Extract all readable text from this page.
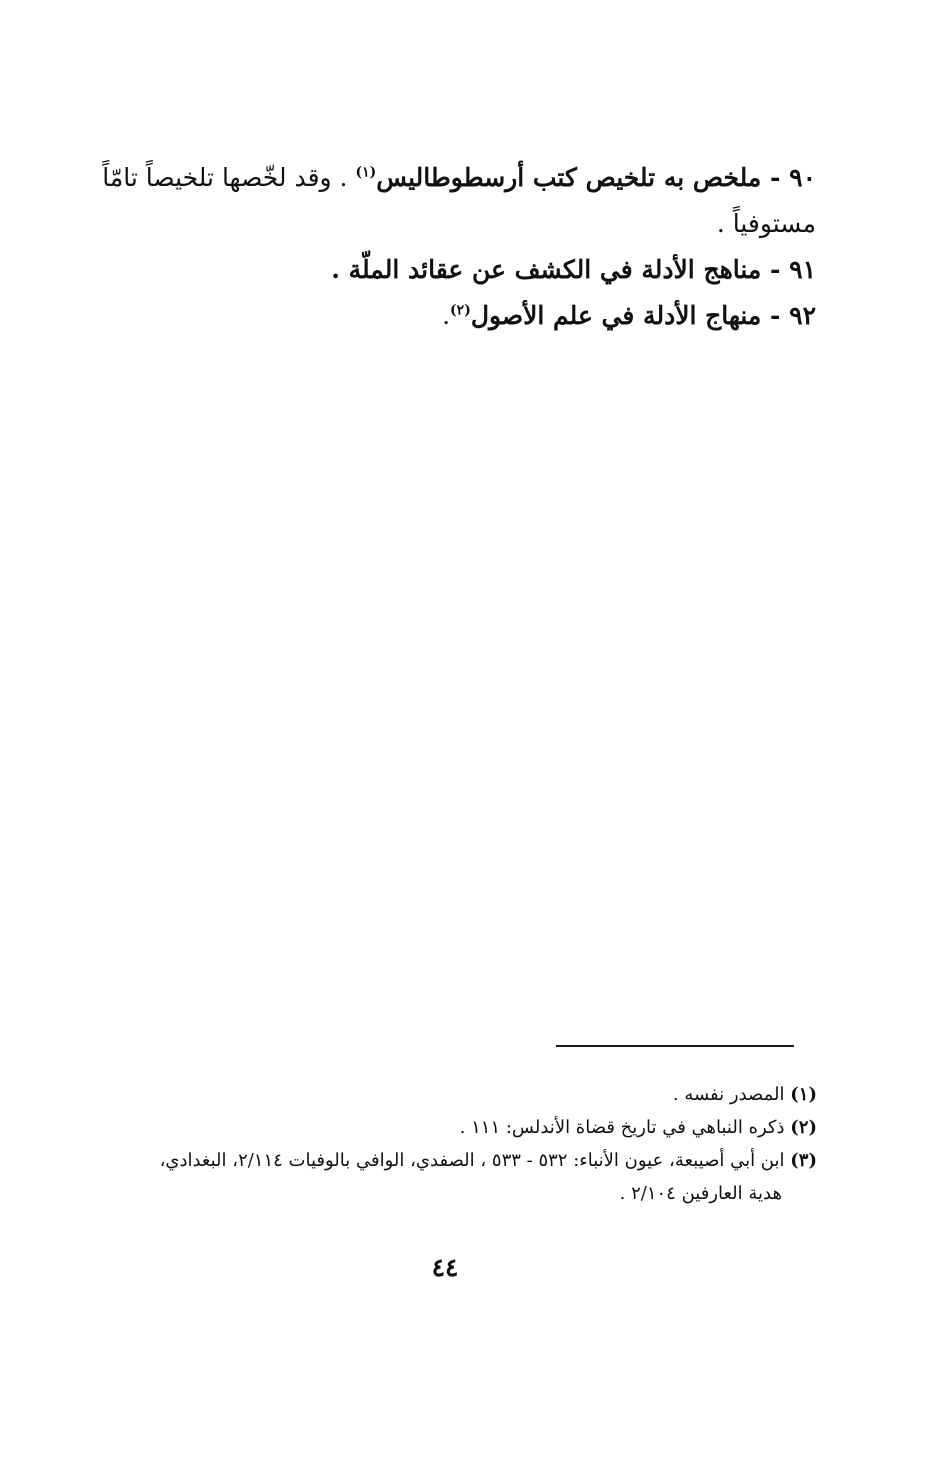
٩٠ - ملخص به تلخيص كتب أرسطوطاليس$^{(١)}$ . وقد لخّصها تلخيصاً تامّاً
مستوفياً .

٩١ - مناهج الأدلة في الكشف عن عقائد الملّة .

٩٢ - منهاج الأدلة في علم الأصول$^{(٢)}$.

(١) المصدر نفسه .

(٢) ذكره النباهي في تاريخ قضاة الأندلس: ١١١ .

(٣) ابن أبي أصيبعة، عيون الأنباء: ٥٣٢ - ٥٣٣ ، الصفدي، الوافي بالوفيات ٢/١١٤، البغدادي،
هدية العارفين ٢/١٠٤ .

٤٤
